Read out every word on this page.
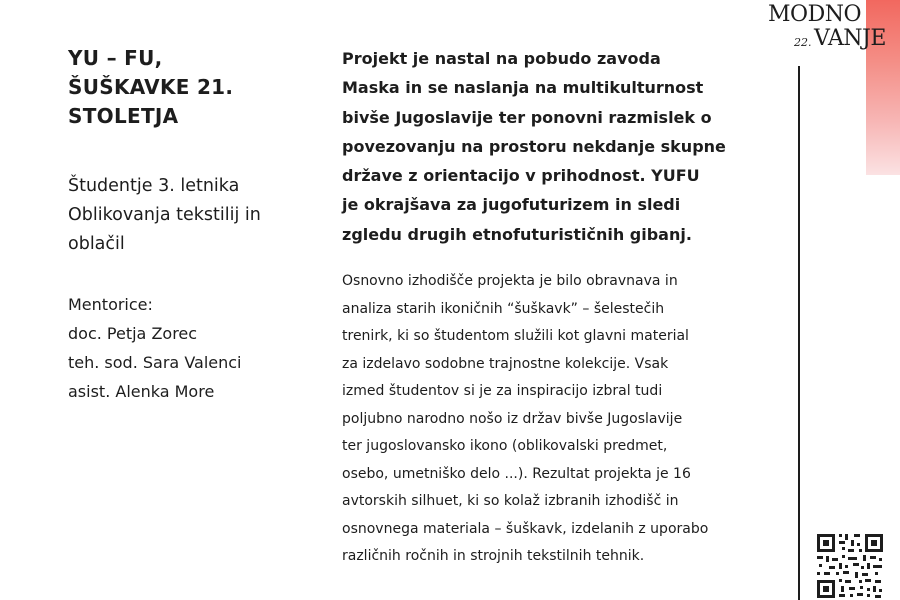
YU – FU,
ŠUŠKAVKE 21.
STOLETJA

Študentje 3. letnika
Oblikovanja tekstilij in
oblačil

Mentorice:
doc. Petja Zorec
teh. sod. Sara Valenci
asist. Alenka More

Projekt je nastal na pobudo zavoda
Maska in se naslanja na multikulturnost
bivše Jugoslavije ter ponovni razmislek o
povezovanju na prostoru nekdanje skupne
države z orientacijo v prihodnost. YUFU
je okrajšava za jugofuturizem in sledi
zgledu drugih etnofuturističnih gibanj.

Osnovno izhodišče projekta je bilo obravnava in
analiza starih ikoničnih “šuškavk” – šelestečih
trenirk, ki so študentom služili kot glavni material
za izdelavo sodobne trajnostne kolekcije. Vsak
izmed študentov si je za inspiracijo izbral tudi
poljubno narodno nošo iz držav bivše Jugoslavije
ter jugoslovansko ikono (oblikovalski predmet,
osebo, umetniško delo ...). Rezultat projekta je 16
avtorskih silhuet, ki so kolaž izbranih izhodišč in
osnovnega materiala – šuškavk, izdelanih z uporabo
različnih ročnih in strojnih tekstilnih tehnik.

MODNO
22. VANJE
